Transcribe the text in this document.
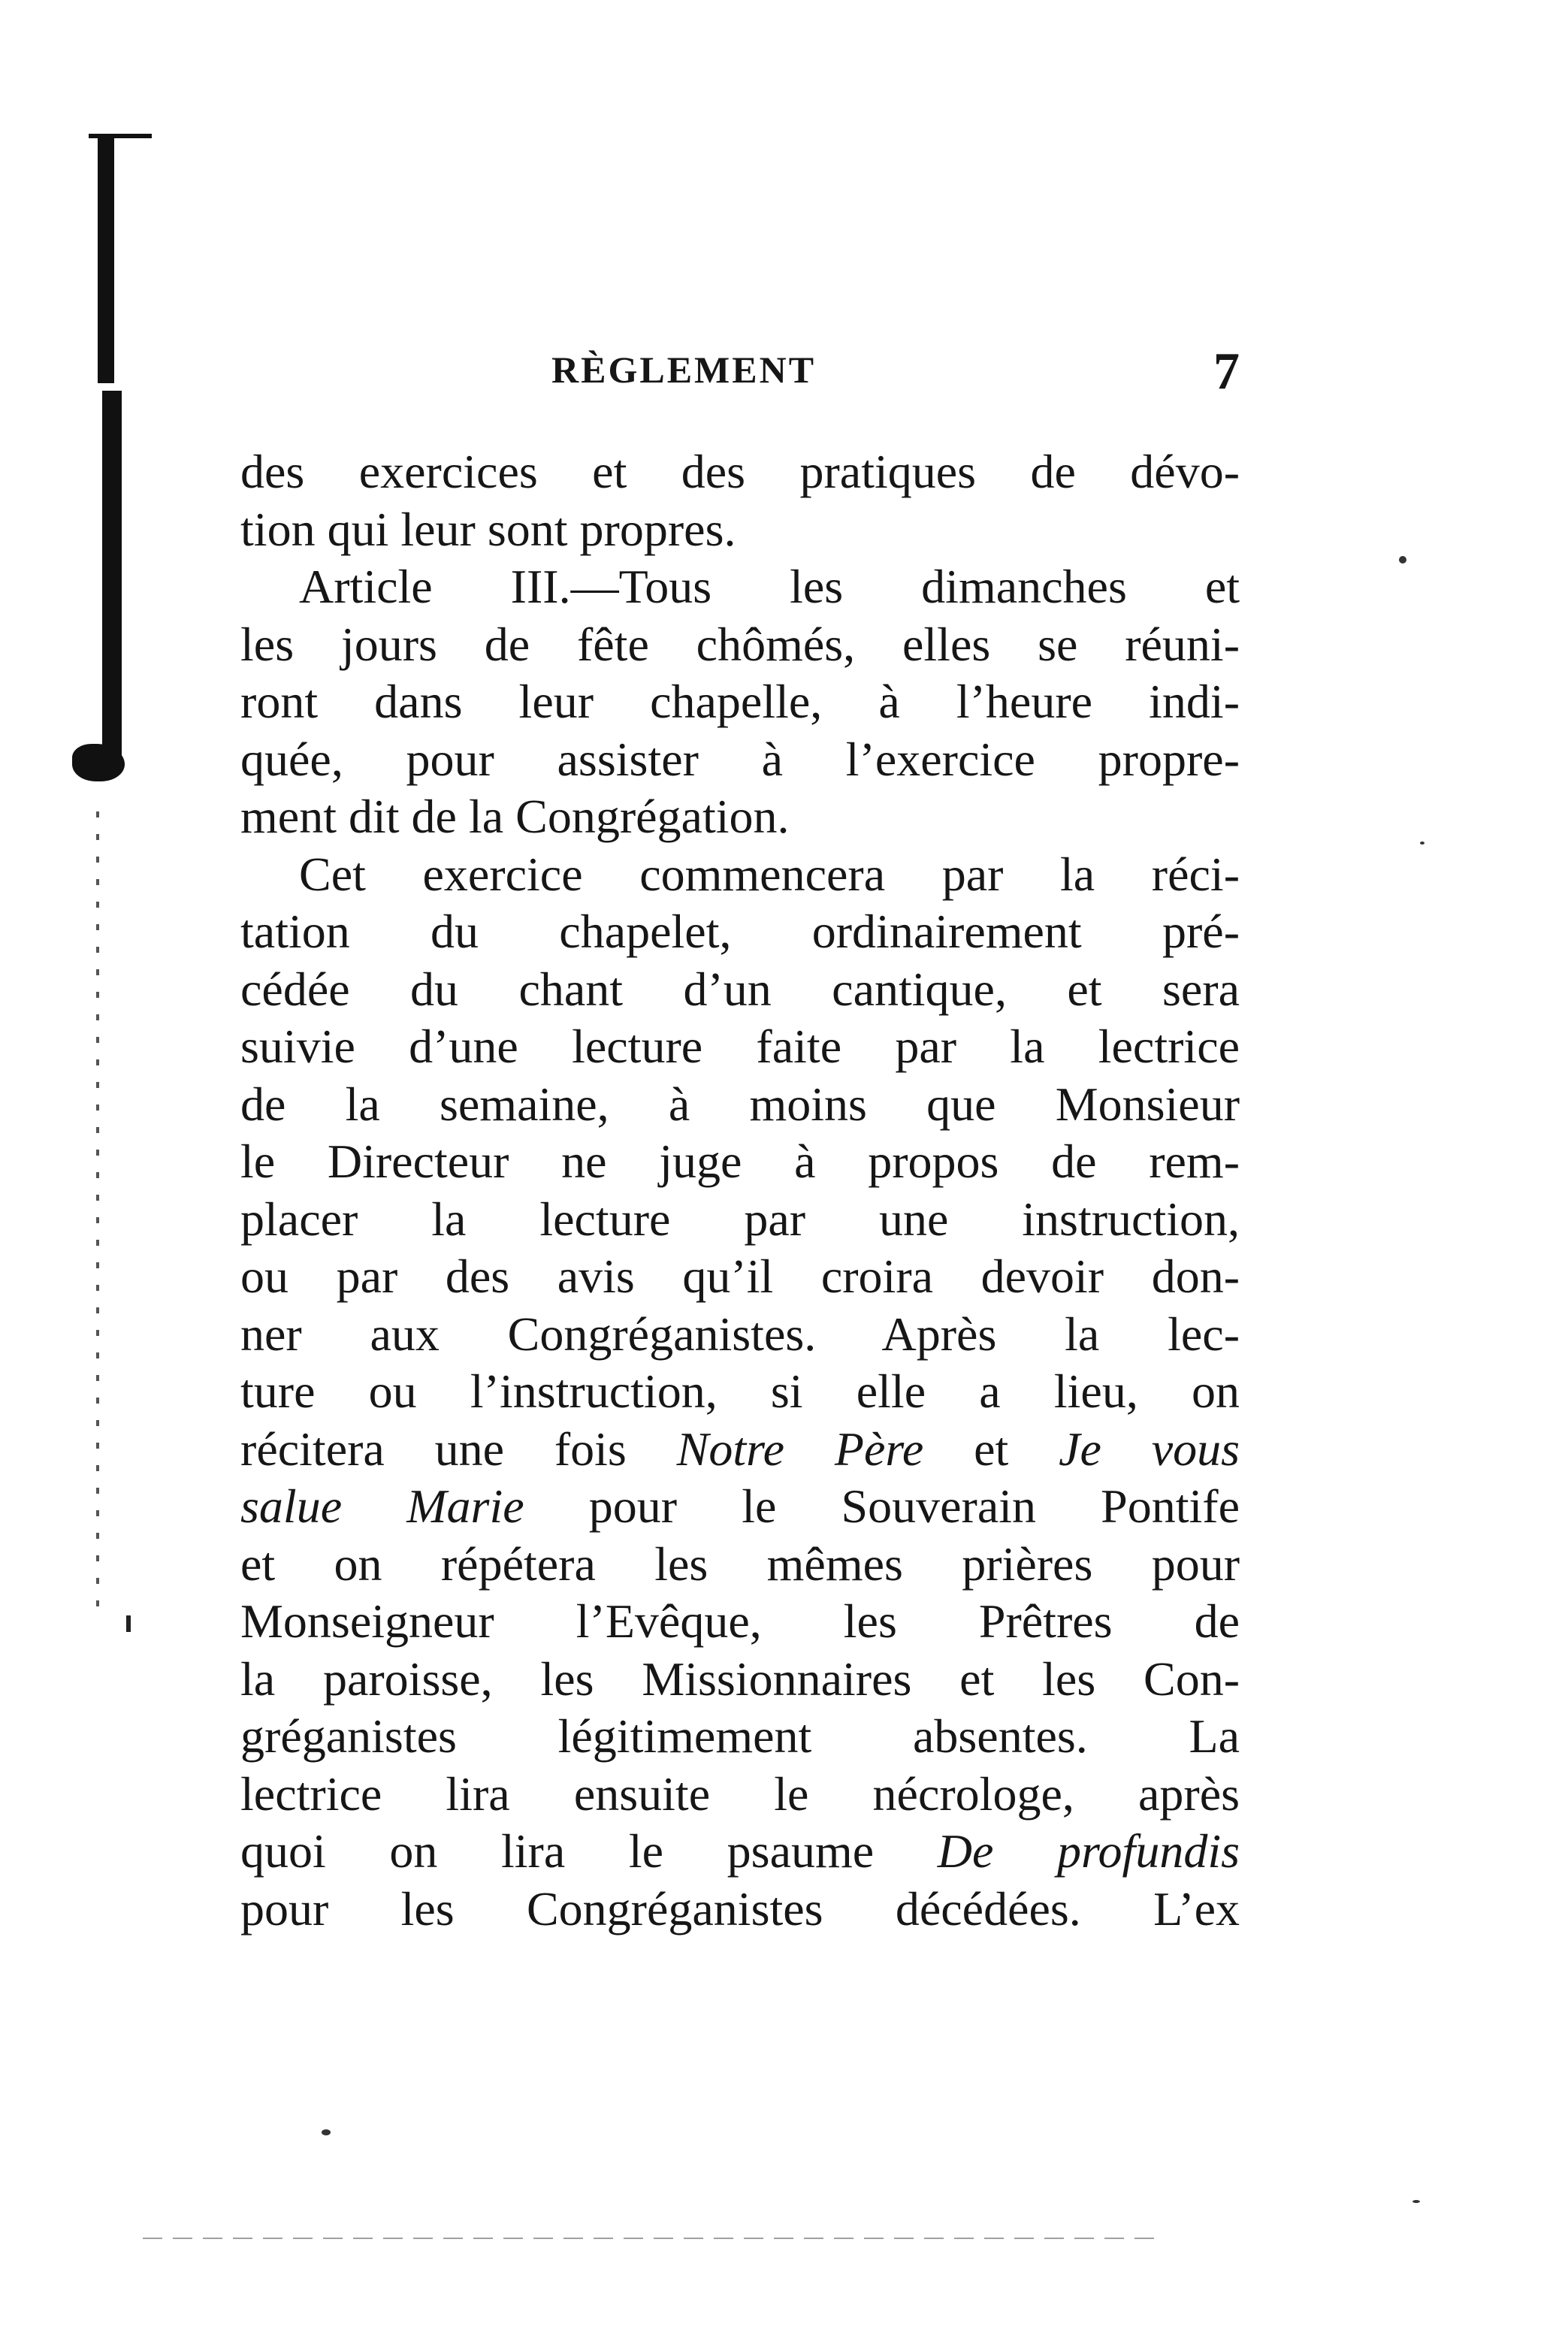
RÈGLEMENT	7
des exercices et des pratiques de dévo-
tion qui leur sont propres.
Article III.—Tous les dimanches et
les jours de fête chômés, elles se réuni-
ront dans leur chapelle, à l’heure indi-
quée, pour assister à l’exercice propre-
ment dit de la Congrégation.
Cet exercice commencera par la réci-
tation du chapelet, ordinairement pré-
cédée du chant d’un cantique, et sera
suivie d’une lecture faite par la lectrice
de la semaine, à moins que Monsieur
le Directeur ne juge à propos de rem-
placer la lecture par une instruction,
ou par des avis qu’il croira devoir don-
ner aux Congréganistes. Après la lec-
ture ou l’instruction, si elle a lieu, on
récitera une fois Notre Père et Je vous
salue Marie pour le Souverain Pontife
et on répétera les mêmes prières pour
Monseigneur l’Evêque, les Prêtres de
la paroisse, les Missionnaires et les Con-
gréganistes légitimement absentes. La
lectrice lira ensuite le nécrologe, après
quoi on lira le psaume De profundis
pour les Congréganistes décédées. L’ex
